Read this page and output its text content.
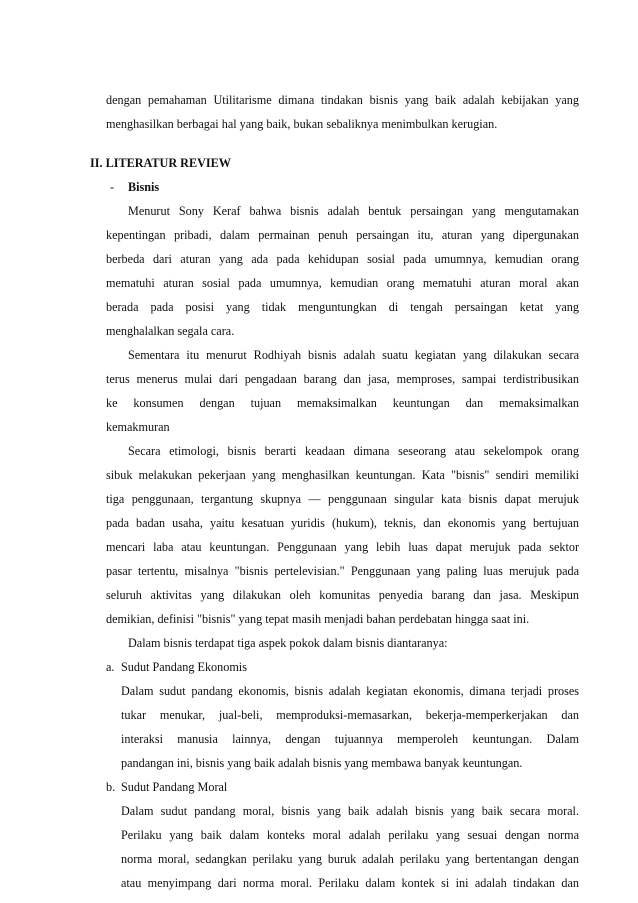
dengan pemahaman Utilitarisme dimana tindakan bisnis yang baik adalah kebijakan yang
menghasilkan berbagai hal yang baik, bukan sebaliknya menimbulkan kerugian.
II. LITERATUR REVIEW
- Bisnis
Menurut Sony Keraf bahwa bisnis adalah bentuk persaingan yang mengutamakan
kepentingan pribadi, dalam permainan penuh persaingan itu, aturan yang dipergunakan
berbeda dari aturan yang ada pada kehidupan sosial pada umumnya, kemudian orang
mematuhi aturan sosial pada umumnya, kemudian orang mematuhi aturan moral akan
berada pada posisi yang tidak menguntungkan di tengah persaingan ketat yang
menghalalkan segala cara.
Sementara itu menurut Rodhiyah bisnis adalah suatu kegiatan yang dilakukan secara
terus menerus mulai dari pengadaan barang dan jasa, memproses, sampai terdistribusikan
ke konsumen dengan tujuan memaksimalkan keuntungan dan memaksimalkan
kemakmuran
Secara etimologi, bisnis berarti keadaan dimana seseorang atau sekelompok orang
sibuk melakukan pekerjaan yang menghasilkan keuntungan. Kata "bisnis" sendiri memiliki
tiga penggunaan, tergantung skupnya — penggunaan singular kata bisnis dapat merujuk
pada badan usaha, yaitu kesatuan yuridis (hukum), teknis, dan ekonomis yang bertujuan
mencari laba atau keuntungan. Penggunaan yang lebih luas dapat merujuk pada sektor
pasar tertentu, misalnya "bisnis pertelevisian." Penggunaan yang paling luas merujuk pada
seluruh aktivitas yang dilakukan oleh komunitas penyedia barang dan jasa. Meskipun
demikian, definisi "bisnis" yang tepat masih menjadi bahan perdebatan hingga saat ini.
Dalam bisnis terdapat tiga aspek pokok dalam bisnis diantaranya:
a. Sudut Pandang Ekonomis
Dalam sudut pandang ekonomis, bisnis adalah kegiatan ekonomis, dimana terjadi proses
tukar menukar, jual-beli, memproduksi-memasarkan, bekerja-memperkerjakan dan
interaksi manusia lainnya, dengan tujuannya memperoleh keuntungan. Dalam
pandangan ini, bisnis yang baik adalah bisnis yang membawa banyak keuntungan.
b. Sudut Pandang Moral
Dalam sudut pandang moral, bisnis yang baik adalah bisnis yang baik secara moral.
Perilaku yang baik dalam konteks moral adalah perilaku yang sesuai dengan norma
norma moral, sedangkan perilaku yang buruk adalah perilaku yang bertentangan dengan
atau menyimpang dari norma moral. Perilaku dalam kontek si ini adalah tindakan dan
